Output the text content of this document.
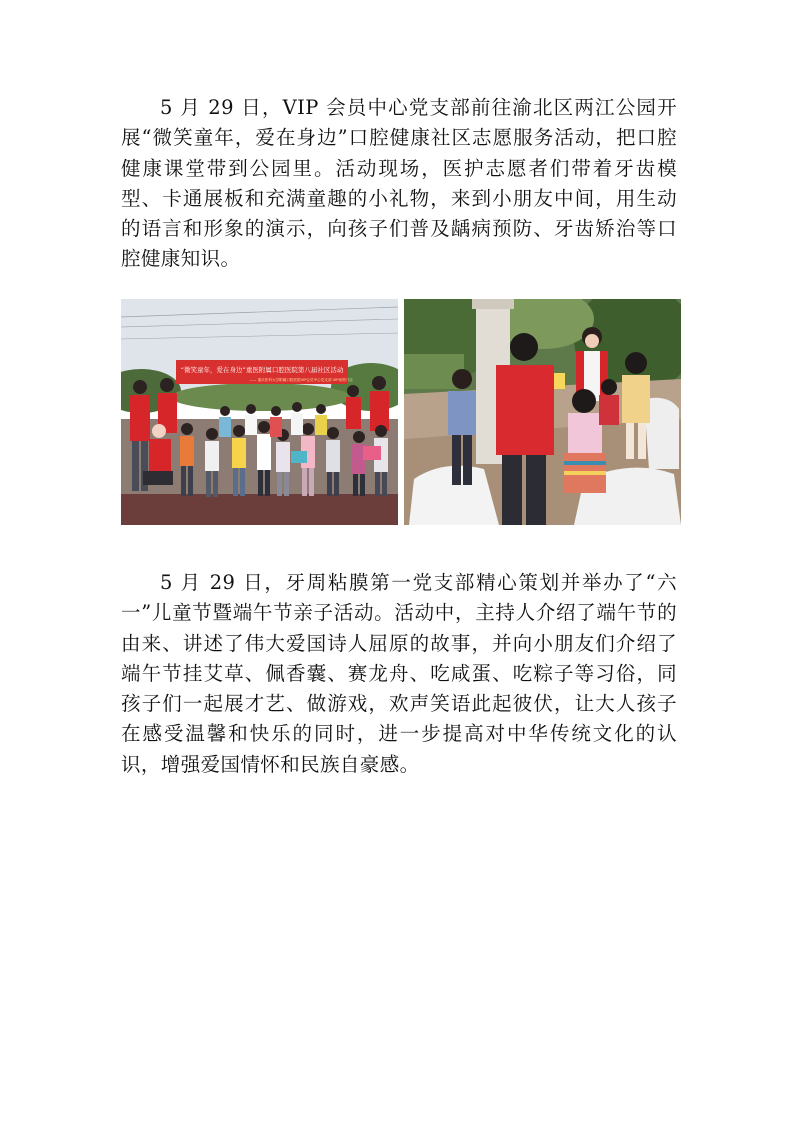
5 月 29 日，VIP 会员中心党支部前往渝北区两江公园开展“微笑童年，爱在身边”口腔健康社区志愿服务活动，把口腔健康课堂带到公园里。活动现场，医护志愿者们带着牙齿模型、卡通展板和充满童趣的小礼物，来到小朋友中间，用生动的语言和形象的演示，向孩子们普及龋病预防、牙齿矫治等口腔健康知识。

“微笑童年，爱在身边”重医附属口腔医院第八届社区活动
—— 重庆医科大学附属口腔医院VIP会员中心党支部 VIP场馆门店

5 月 29 日，牙周粘膜第一党支部精心策划并举办了“六一”儿童节暨端午节亲子活动。活动中，主持人介绍了端午节的由来、讲述了伟大爱国诗人屈原的故事，并向小朋友们介绍了端午节挂艾草、佩香囊、赛龙舟、吃咸蛋、吃粽子等习俗，同孩子们一起展才艺、做游戏，欢声笑语此起彼伏，让大人孩子在感受温馨和快乐的同时，进一步提高对中华传统文化的认识，增强爱国情怀和民族自豪感。
